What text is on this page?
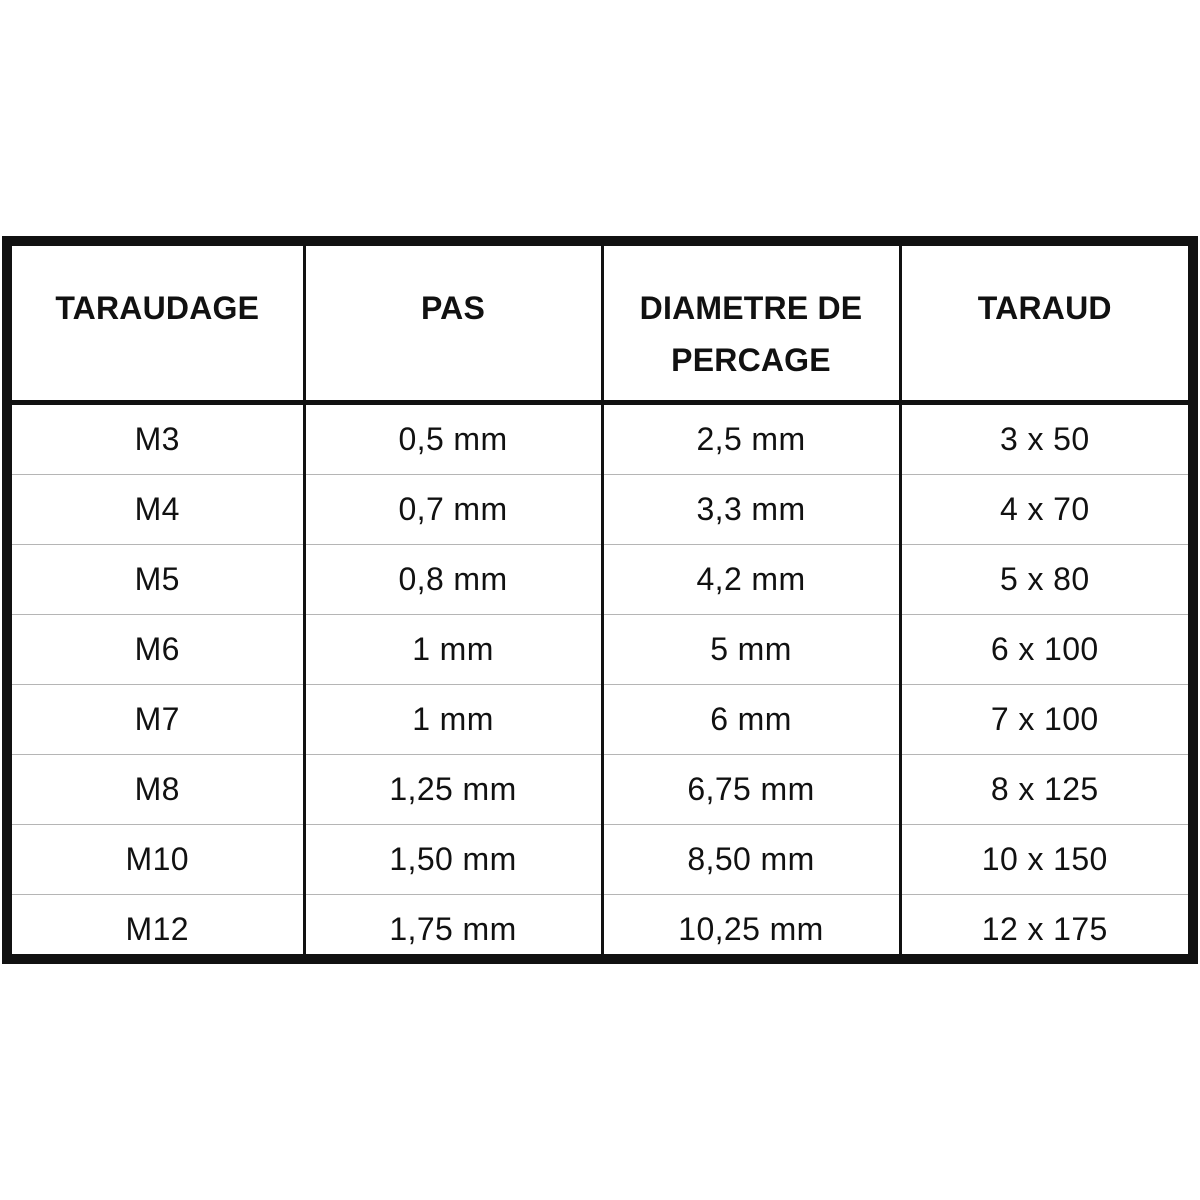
TARAUDAGE	PAS	DIAMETRE DE PERCAGE	TARAUD
M3	0,5 mm	2,5 mm	3 x 50
M4	0,7 mm	3,3 mm	4 x 70
M5	0,8 mm	4,2 mm	5 x 80
M6	1 mm	5 mm	6 x 100
M7	1 mm	6 mm	7 x 100
M8	1,25 mm	6,75 mm	8 x 125
M10	1,50 mm	8,50 mm	10 x 150
M12	1,75 mm	10,25 mm	12 x 175
